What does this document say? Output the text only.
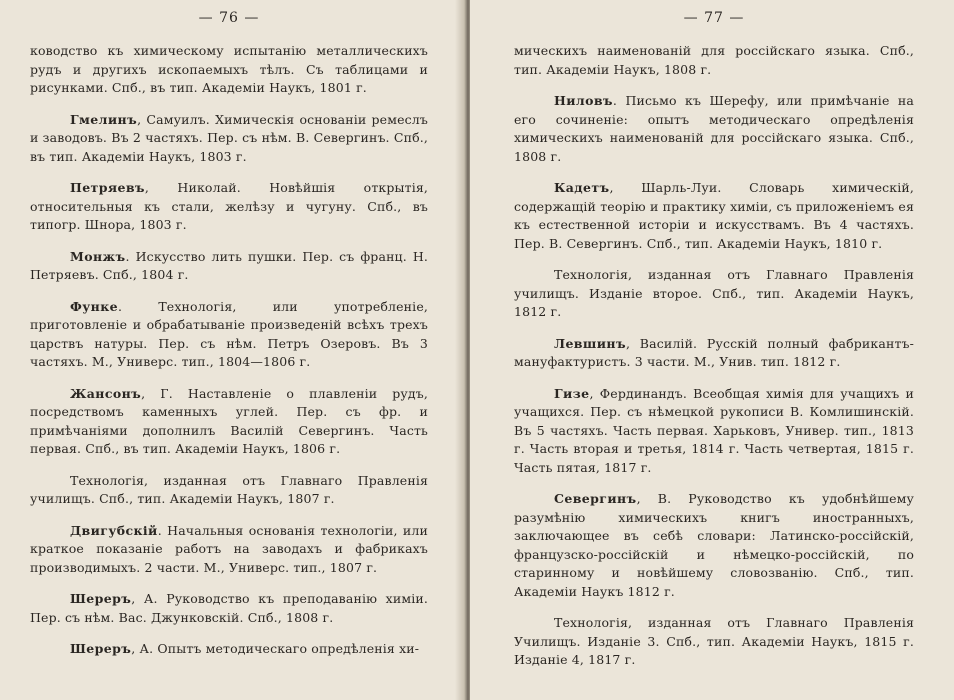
— 76 —

ководство къ химическому испытанію металлическихъ рудъ и другихъ ископаемыхъ тѣлъ. Съ таблицами и рисунками. Спб., въ тип. Академіи Наукъ, 1801 г.

Гмелинъ, Самуилъ. Химическія основаніи ремеслъ и заводовъ. Въ 2 частяхъ. Пер. съ нѣм. В. Севергинъ. Спб., въ тип. Академіи Наукъ, 1803 г.

Петряевъ, Николай. Новѣйшія открытія, относительныя къ стали, желѣзу и чугуну. Спб., въ типогр. Шнора, 1803 г.

Монжъ. Искусство лить пушки. Пер. съ франц. Н. Петряевъ. Спб., 1804 г.

Функе. Технологія, или употребленіе, приготовленіе и обрабатываніе произведеній всѣхъ трехъ царствъ натуры. Пер. съ нѣм. Петръ Озеровъ. Въ 3 частяхъ. М., Универс. тип., 1804—1806 г.

Жансонъ, Г. Наставленіе о плавленіи рудъ, посредствомъ каменныхъ углей. Пер. съ фр. и примѣчаніями дополнилъ Василій Севергинъ. Часть первая. Спб., въ тип. Академіи Наукъ, 1806 г.

Технологія, изданная отъ Главнаго Правленія училищъ. Спб., тип. Академіи Наукъ, 1807 г.

Двигубскій. Начальныя основанія технологіи, или краткое показаніе работъ на заводахъ и фабрикахъ производимыхъ. 2 части. М., Универс. тип., 1807 г.

Шереръ, А. Руководство къ преподаванію химіи. Пер. съ нѣм. Вас. Джунковскій. Спб., 1808 г.

Шереръ, А. Опытъ методическаго опредѣленія хи-

— 77 —

мическихъ наименованій для россійскаго языка. Спб., тип. Академіи Наукъ, 1808 г.

Ниловъ. Письмо къ Шерефу, или примѣчаніе на его сочиненіе: опытъ методическаго опредѣленія химическихъ наименованій для россійскаго языка. Спб., 1808 г.

Кадетъ, Шарль-Луи. Словарь химическій, содержащій теорію и практику химіи, съ приложеніемъ ея къ естественной исторіи и искусствамъ. Въ 4 частяхъ. Пер. В. Севергинъ. Спб., тип. Академіи Наукъ, 1810 г.

Технологія, изданная отъ Главнаго Правленія училищъ. Изданіе второе. Спб., тип. Академіи Наукъ, 1812 г.

Левшинъ, Василій. Русскій полный фабрикантъ-мануфактуристъ. 3 части. М., Унив. тип. 1812 г.

Гизе, Фердинандъ. Всеобщая химія для учащихъ и учащихся. Пер. съ нѣмецкой рукописи В. Комлишинскій. Въ 5 частяхъ. Часть первая. Харьковъ, Универ. тип., 1813 г. Часть вторая и третья, 1814 г. Часть четвертая, 1815 г. Часть пятая, 1817 г.

Севергинъ, В. Руководство къ удобнѣйшему разумѣнію химическихъ книгъ иностранныхъ, заключающее въ себѣ словари: Латинско-россійскій, французско-россійскій и нѣмецко-россійскій, по старинному и новѣйшему словозванію. Спб., тип. Академіи Наукъ 1812 г.

Технологія, изданная отъ Главнаго Правленія Училищъ. Изданіе 3. Спб., тип. Академіи Наукъ, 1815 г. Изданіе 4, 1817 г.
